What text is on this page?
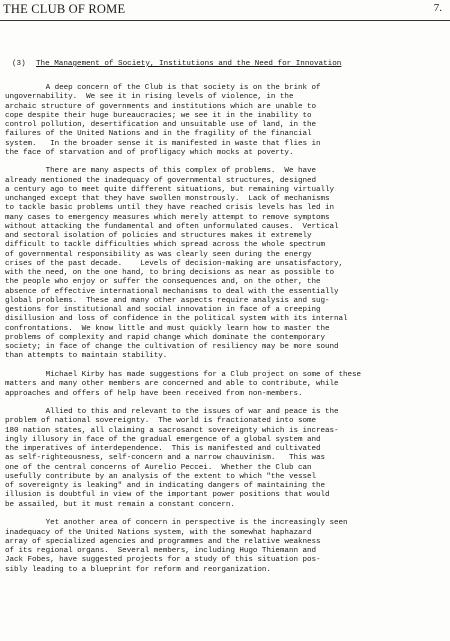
THE CLUB OF ROME	7.
(3) The Management of Society, Institutions and the Need for Innovation

A deep concern of the Club is that society is on the brink of
ungovernability.  We see it in rising levels of violence, in the
archaic structure of governments and institutions which are unable to
cope despite their huge bureaucracies; we see it in the inability to
control pollution, desertification and unsuitable use of land, in the
failures of the United Nations and in the fragility of the financial
system.   In the broader sense it is manifested in waste that flies in
the face of starvation and of profligacy which mocks at poverty.

There are many aspects of this complex of problems.  We have
already mentioned the inadequacy of governmental structures, designed
a century ago to meet quite different situations, but remaining virtually
unchanged except that they have swollen monstrously.  Lack of mechanisms
to tackle basic problems until they have reached crisis levels has led in
many cases to emergency measures which merely attempt to remove symptoms
without attacking the fundamental and often unformulated causes.  Vertical
and sectoral isolation of policies and structures makes it extremely
difficult to tackle difficulties which spread across the whole spectrum
of governmental responsibility as was clearly seen during the energy
crises of the past decade.    Levels of decision-making are unsatisfactory,
with the need, on the one hand, to bring decisions as near as possible to
the people who enjoy or suffer the consequences and, on the other, the
absence of effective international mechanisms to deal with the essentially
global problems.  These and many other aspects require analysis and sug-
gestions for institutional and social innovation in face of a creeping
disillusion and loss of confidence in the political system with its internal
confrontations.  We know little and must quickly learn how to master the
problems of complexity and rapid change which dominate the contemporary
society; in face of change the cultivation of resiliency may be more sound
than attempts to maintain stability.

Michael Kirby has made suggestions for a Club project on some of these
matters and many other members are concerned and able to contribute, while
approaches and offers of help have been received from non-members.

Allied to this and relevant to the issues of war and peace is the
problem of national sovereignty.  The world is fractionated into some
180 nation states, all claiming a sacrosanct sovereignty which is increas-
ingly illusory in face of the gradual emergence of a global system and
the imperatives of interdependence.  This is manifested and cultivated
as self-righteousness, self-concern and a narrow chauvinism.   This was
one of the central concerns of Aurelio Peccei.  Whether the Club can
usefully contribute by an analysis of the extent to which "the vessel
of sovereignty is leaking" and in indicating dangers of maintaining the
illusion is doubtful in view of the important power positions that would
be assailed, but it must remain a constant concern.

Yet another area of concern in perspective is the increasingly seen
inadequacy of the United Nations system, with the somewhat haphazard
array of specialized agencies and programmes and the relative weakness
of its regional organs.  Several members, including Hugo Thiemann and
Jack Fobes, have suggested projects for a study of this situation pos-
sibly leading to a blueprint for reform and reorganization.
